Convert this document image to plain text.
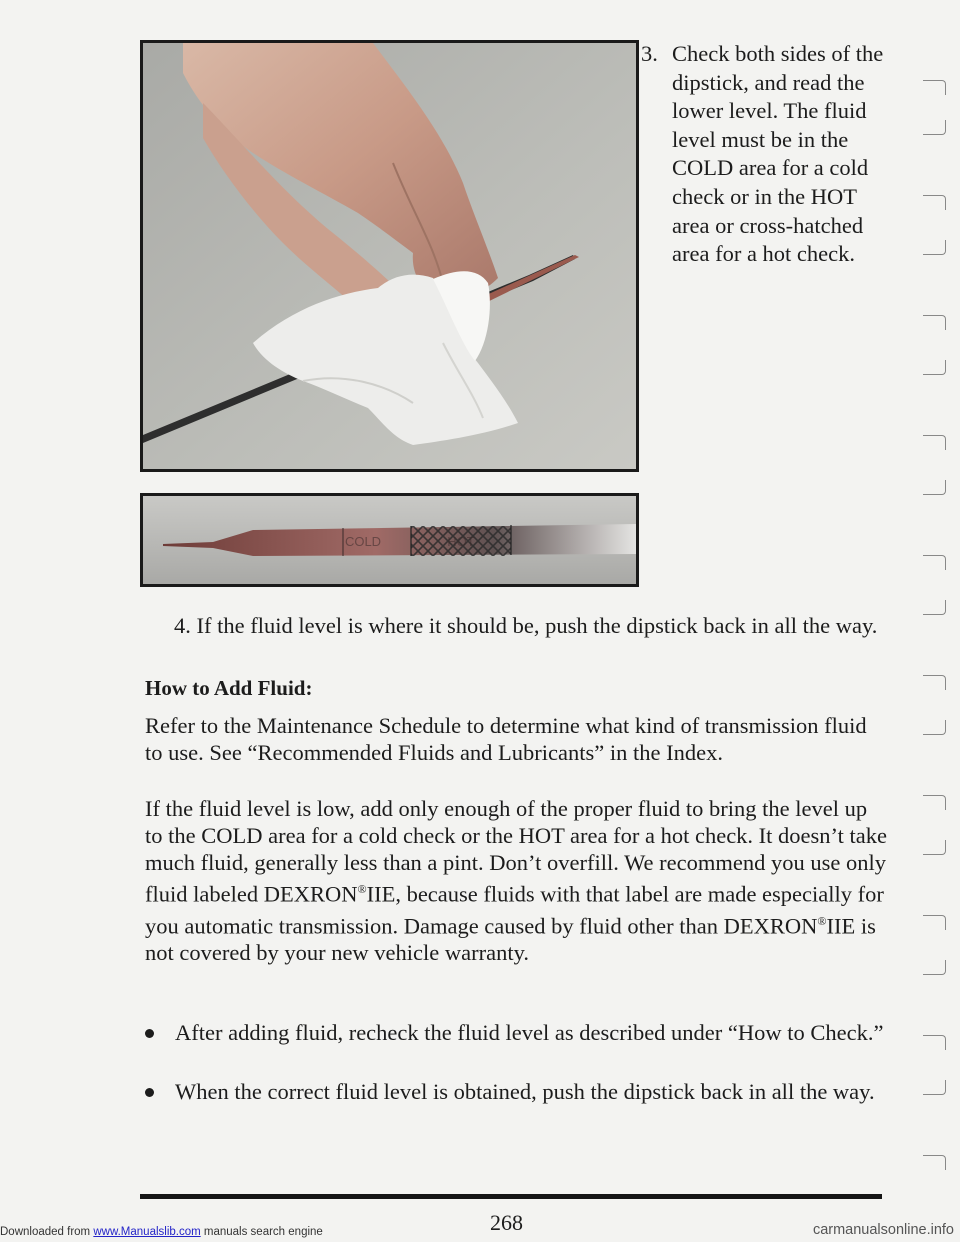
COLD	HOT
3. Check both sides of the dipstick, and read the lower level. The fluid level must be in the COLD area for a cold check or in the HOT area or cross-hatched area for a hot check.
4. If the fluid level is where it should be, push the dipstick back in all the way.
How to Add Fluid:
Refer to the Maintenance Schedule to determine what kind of transmission fluid to use. See “Recommended Fluids and Lubricants” in the Index.
If the fluid level is low, add only enough of the proper fluid to bring the level up to the COLD area for a cold check or the HOT area for a hot check. It doesn’t take much fluid, generally less than a pint. Don’t overfill. We recommend you use only fluid labeled DEXRON®IIE, because fluids with that label are made especially for you automatic transmission. Damage caused by fluid other than DEXRON®IIE is not covered by your new vehicle warranty.
After adding fluid, recheck the fluid level as described under “How to Check.”
When the correct fluid level is obtained, push the dipstick back in all the way.
268
Downloaded from www.Manualslib.com manuals search engine	carmanualsonline.info
